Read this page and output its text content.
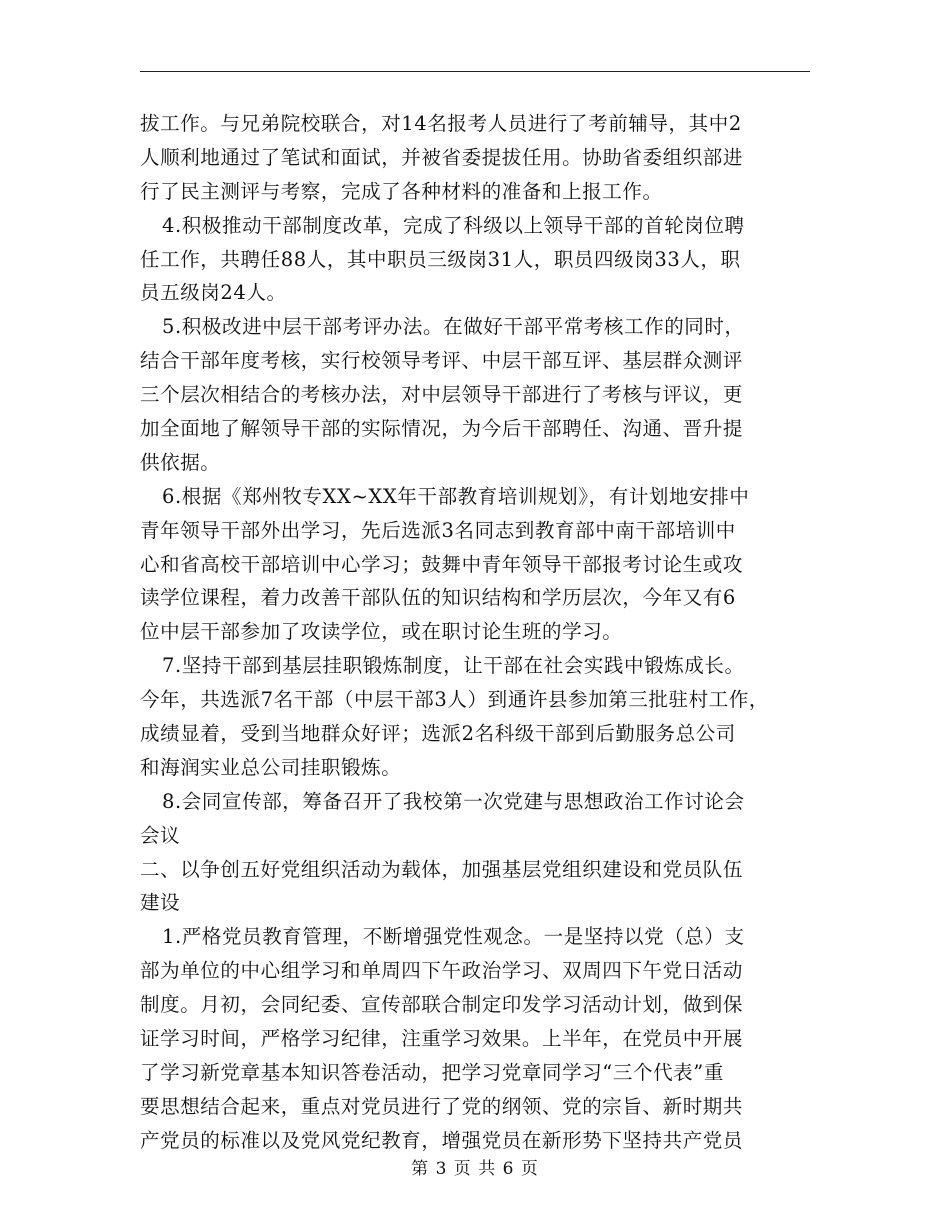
拔工作。与兄弟院校联合，对14名报考人员进行了考前辅导，其中2
人顺利地通过了笔试和面试，并被省委提拔任用。协助省委组织部进
行了民主测评与考察，完成了各种材料的准备和上报工作。
4.积极推动干部制度改革，完成了科级以上领导干部的首轮岗位聘
任工作，共聘任88人，其中职员三级岗31人，职员四级岗33人，职
员五级岗24人。
5.积极改进中层干部考评办法。在做好干部平常考核工作的同时，
结合干部年度考核，实行校领导考评、中层干部互评、基层群众测评
三个层次相结合的考核办法，对中层领导干部进行了考核与评议，更
加全面地了解领导干部的实际情况，为今后干部聘任、沟通、晋升提
供依据。
6.根据《郑州牧专XX~XX年干部教育培训规划》，有计划地安排中
青年领导干部外出学习，先后选派3名同志到教育部中南干部培训中
心和省高校干部培训中心学习；鼓舞中青年领导干部报考讨论生或攻
读学位课程，着力改善干部队伍的知识结构和学历层次，今年又有6
位中层干部参加了攻读学位，或在职讨论生班的学习。
7.坚持干部到基层挂职锻炼制度，让干部在社会实践中锻炼成长。
今年，共选派7名干部（中层干部3人）到通许县参加第三批驻村工作，
成绩显着，受到当地群众好评；选派2名科级干部到后勤服务总公司
和海润实业总公司挂职锻炼。
8.会同宣传部，筹备召开了我校第一次党建与思想政治工作讨论会
会议
二、以争创五好党组织活动为载体，加强基层党组织建设和党员队伍
建设
1.严格党员教育管理，不断增强党性观念。一是坚持以党（总）支
部为单位的中心组学习和单周四下午政治学习、双周四下午党日活动
制度。月初，会同纪委、宣传部联合制定印发学习活动计划，做到保
证学习时间，严格学习纪律，注重学习效果。上半年，在党员中开展
了学习新党章基本知识答卷活动，把学习党章同学习“三个代表”重
要思想结合起来，重点对党员进行了党的纲领、党的宗旨、新时期共
产党员的标准以及党风党纪教育，增强党员在新形势下坚持共产党员
第 3 页 共 6 页
